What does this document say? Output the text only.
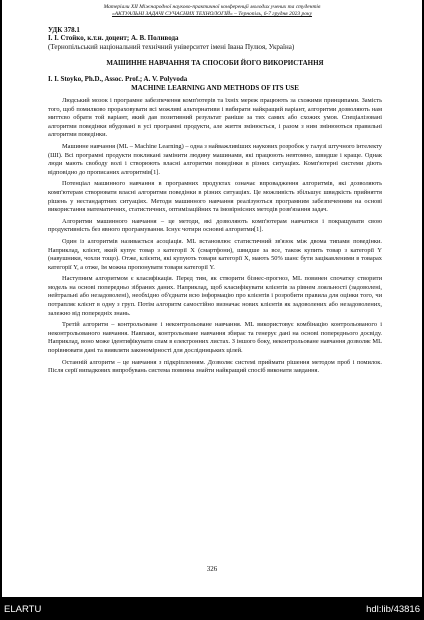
Матеріали XII Міжнародної науково-практичної конференції молодих учених та студентів
«АКТУАЛЬНІ ЗАДАЧІ СУЧАСНИХ ТЕХНОЛОГІЙ» – Тернопіль, 6-7 грудня 2023 року
УДК 378.1
І. І. Стойко, к.т.н. доцент; А. В. Поливода
(Тернопільський національний технічний університет імені Івана Пулюя, Україна)
МАШИННЕ НАВЧАННЯ ТА СПОСОБИ ЙОГО ВИКОРИСТАННЯ
I. I. Stoyko, Ph.D., Assoc. Prof.; A. V. Polyvoda
MACHINE LEARNING AND METHODS OF ITS USE

Людський мозок і програмне забезпечення комп'ютерів та їхніх мереж працюють за схожими принципами. Замість того, щоб помилково прораховувати всі можливі альтернативи і вибирати найкращий варіант, алгоритми дозволяють нам миттєво обрати той варіант, який дав позитивний результат раніше за тих самих або схожих умов. Спеціалізовані алгоритми поведінки вбудовані в усі програмні продукти, але життя змінюється, і разом з ним змінюються правильні алгоритми поведінки.

Машинне навчання (ML – Machine Learning) – одна з найважливіших наукових розробок у галузі штучного інтелекту (ШІ). Всі програмні продукти покликані замінити людину машинами, які працюють невтомно, швидше і краще. Однак люди мають свободу волі і створюють власні алгоритми поведінки в різних ситуаціях. Комп'ютерні системи діють відповідно до прописаних алгоритмів[1].

Потенціал машинного навчання в програмних продуктах означає впровадження алгоритмів, які дозволяють комп'ютерам створювати власні алгоритми поведінки в різних ситуаціях. Це можливість збільшує швидкість прийняття рішень у нестандартних ситуаціях. Методи машинного навчання реалізуються програмним забезпеченням на основі використання математичних, статистичних, оптимізаційних та імовірнісних методів розв'язання задач.

Алгоритми машинного навчання – це методи, які дозволяють комп'ютерам навчатися і покращувати свою продуктивність без явного програмування. Існує чотири основні алгоритми[1].

Один із алгоритмів називається асоціація. ML встановлює статистичний зв'язок між двома типами поведінки. Наприклад, клієнт, який купує товар з категорії X (смартфони), швидше за все, також купить товар з категорії Y (навушники, чохли тощо). Отже, клієнти, які купують товари категорії X, мають 50% шанс бути зацікавленими в товарах категорії Y, а отже, їм можна пропонувати товари категорії Y.

Наступним алгоритмом є класифікація. Перед тим, як створити бізнес-прогноз, ML повинен спочатку створити модель на основі попередньо зібраних даних. Наприклад, щоб класифікувати клієнтів за рівнем лояльності (задоволені, нейтральні або незадоволені), необхідно об'єднати всю інформацію про клієнтів і розробити правила для оцінки того, чи потрапляє клієнт в одну з груп. Потім алгоритм самостійно визначає нових клієнтів як задоволених або незадоволених, залежно від попередніх знань.

Третій алгоритм – контрольоване і неконтрольоване навчання. ML використовує комбінацію контрольованого і неконтрольованого навчання. Навпаки, контрольоване навчання збирає та генерує дані на основі попереднього досвіду. Наприклад, воно може ідентифікувати спам в електронних листах. З іншого боку, неконтрольоване навчання дозволяє ML порівнювати дані та виявляти закономірності для дослідницьких цілей.

Останній алгоритм – це навчання з підкріпленням. Дозволяє системі приймати рішення методом проб і помилок. Після серії випадкових випробувань система повинна знайти найкращий спосіб виконати завдання.

326
ELARTU	hdl:lib/43816
